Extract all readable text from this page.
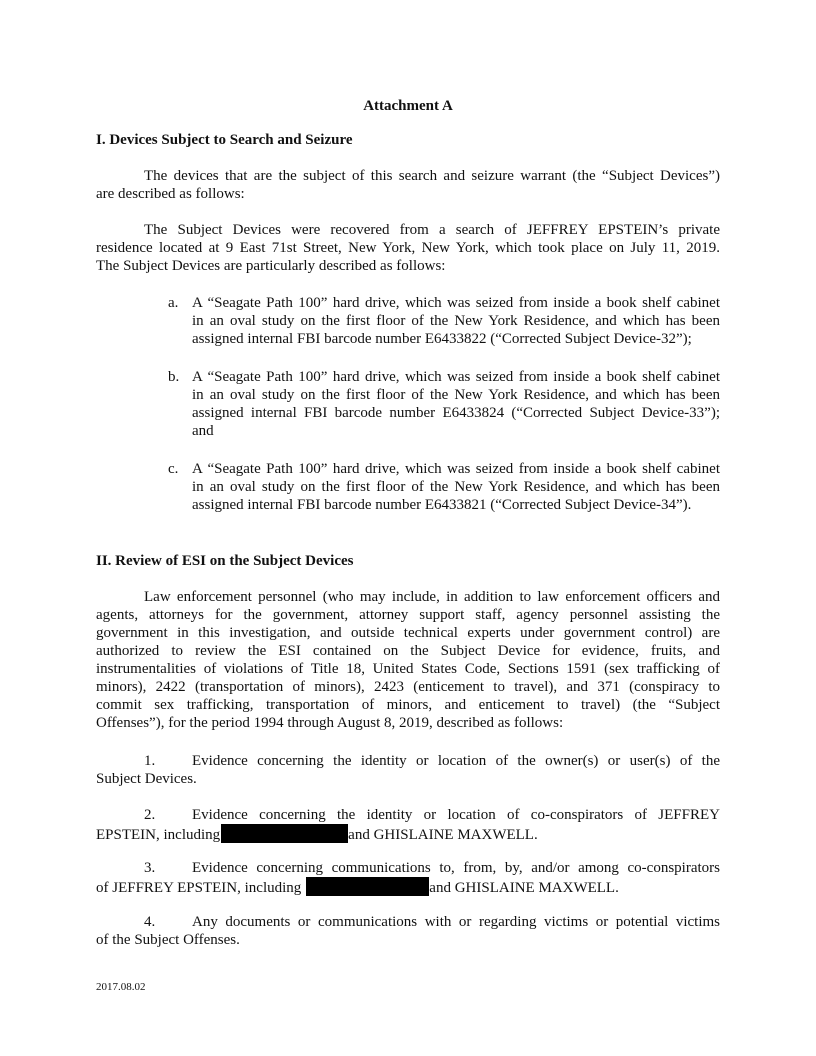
Attachment A
I. Devices Subject to Search and Seizure
The devices that are the subject of this search and seizure warrant (the “Subject Devices”)
are described as follows:
The Subject Devices were recovered from a search of JEFFREY EPSTEIN’s private
residence located at 9 East 71st Street, New York, New York, which took place on July 11, 2019.
The Subject Devices are particularly described as follows:
a. A “Seagate Path 100” hard drive, which was seized from inside a book shelf cabinet
in an oval study on the first floor of the New York Residence, and which has been
assigned internal FBI barcode number E6433822 (“Corrected Subject Device-32”);
b. A “Seagate Path 100” hard drive, which was seized from inside a book shelf cabinet
in an oval study on the first floor of the New York Residence, and which has been
assigned internal FBI barcode number E6433824 (“Corrected Subject Device-33”);
and
c. A “Seagate Path 100” hard drive, which was seized from inside a book shelf cabinet
in an oval study on the first floor of the New York Residence, and which has been
assigned internal FBI barcode number E6433821 (“Corrected Subject Device-34”).
II. Review of ESI on the Subject Devices
Law enforcement personnel (who may include, in addition to law enforcement officers and
agents, attorneys for the government, attorney support staff, agency personnel assisting the
government in this investigation, and outside technical experts under government control) are
authorized to review the ESI contained on the Subject Device for evidence, fruits, and
instrumentalities of violations of Title 18, United States Code, Sections 1591 (sex trafficking of
minors), 2422 (transportation of minors), 2423 (enticement to travel), and 371 (conspiracy to
commit sex trafficking, transportation of minors, and enticement to travel) (the “Subject
Offenses”), for the period 1994 through August 8, 2019, described as follows:
1.	Evidence concerning the identity or location of the owner(s) or user(s) of the
Subject Devices.
2.	Evidence concerning the identity or location of co-conspirators of JEFFREY
EPSTEIN, including	and GHISLAINE MAXWELL.
3.	Evidence concerning communications to, from, by, and/or among co-conspirators
of JEFFREY EPSTEIN, including	and GHISLAINE MAXWELL.
4.	Any documents or communications with or regarding victims or potential victims
of the Subject Offenses.
2017.08.02
